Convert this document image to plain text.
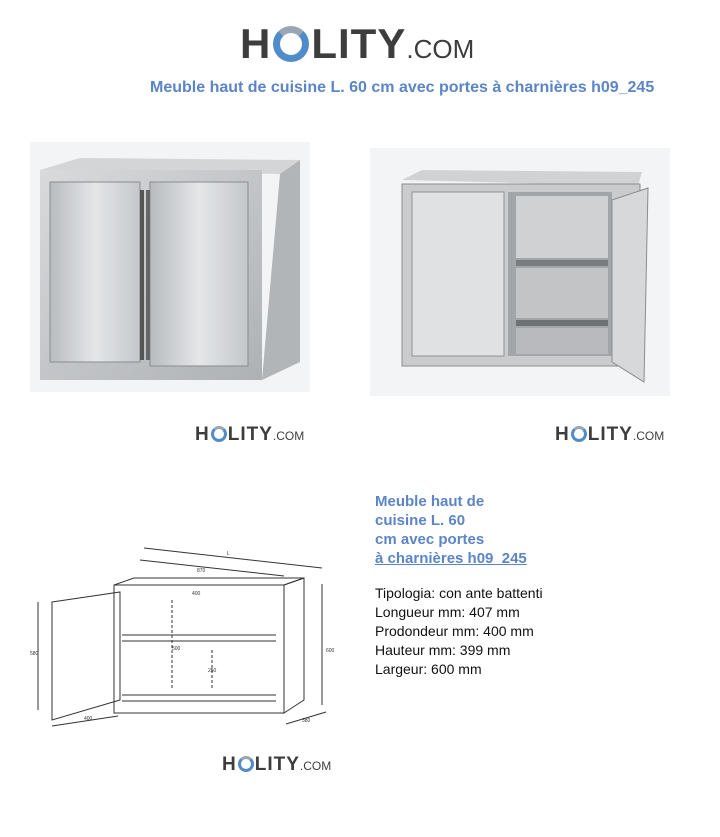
H LITY .COM
Meuble haut de cuisine L. 60 cm avec portes à charnières h09_245
H LITY .COM	H LITY .COM
L
870
400
580	600
400	380
500
250
H LITY .COM
Meuble haut de
cuisine L. 60
cm avec portes
à charnières h09_245
Tipologia: con ante battenti
Longueur mm: 407 mm
Prodondeur mm: 400 mm
Hauteur mm: 399 mm
Largeur: 600 mm
